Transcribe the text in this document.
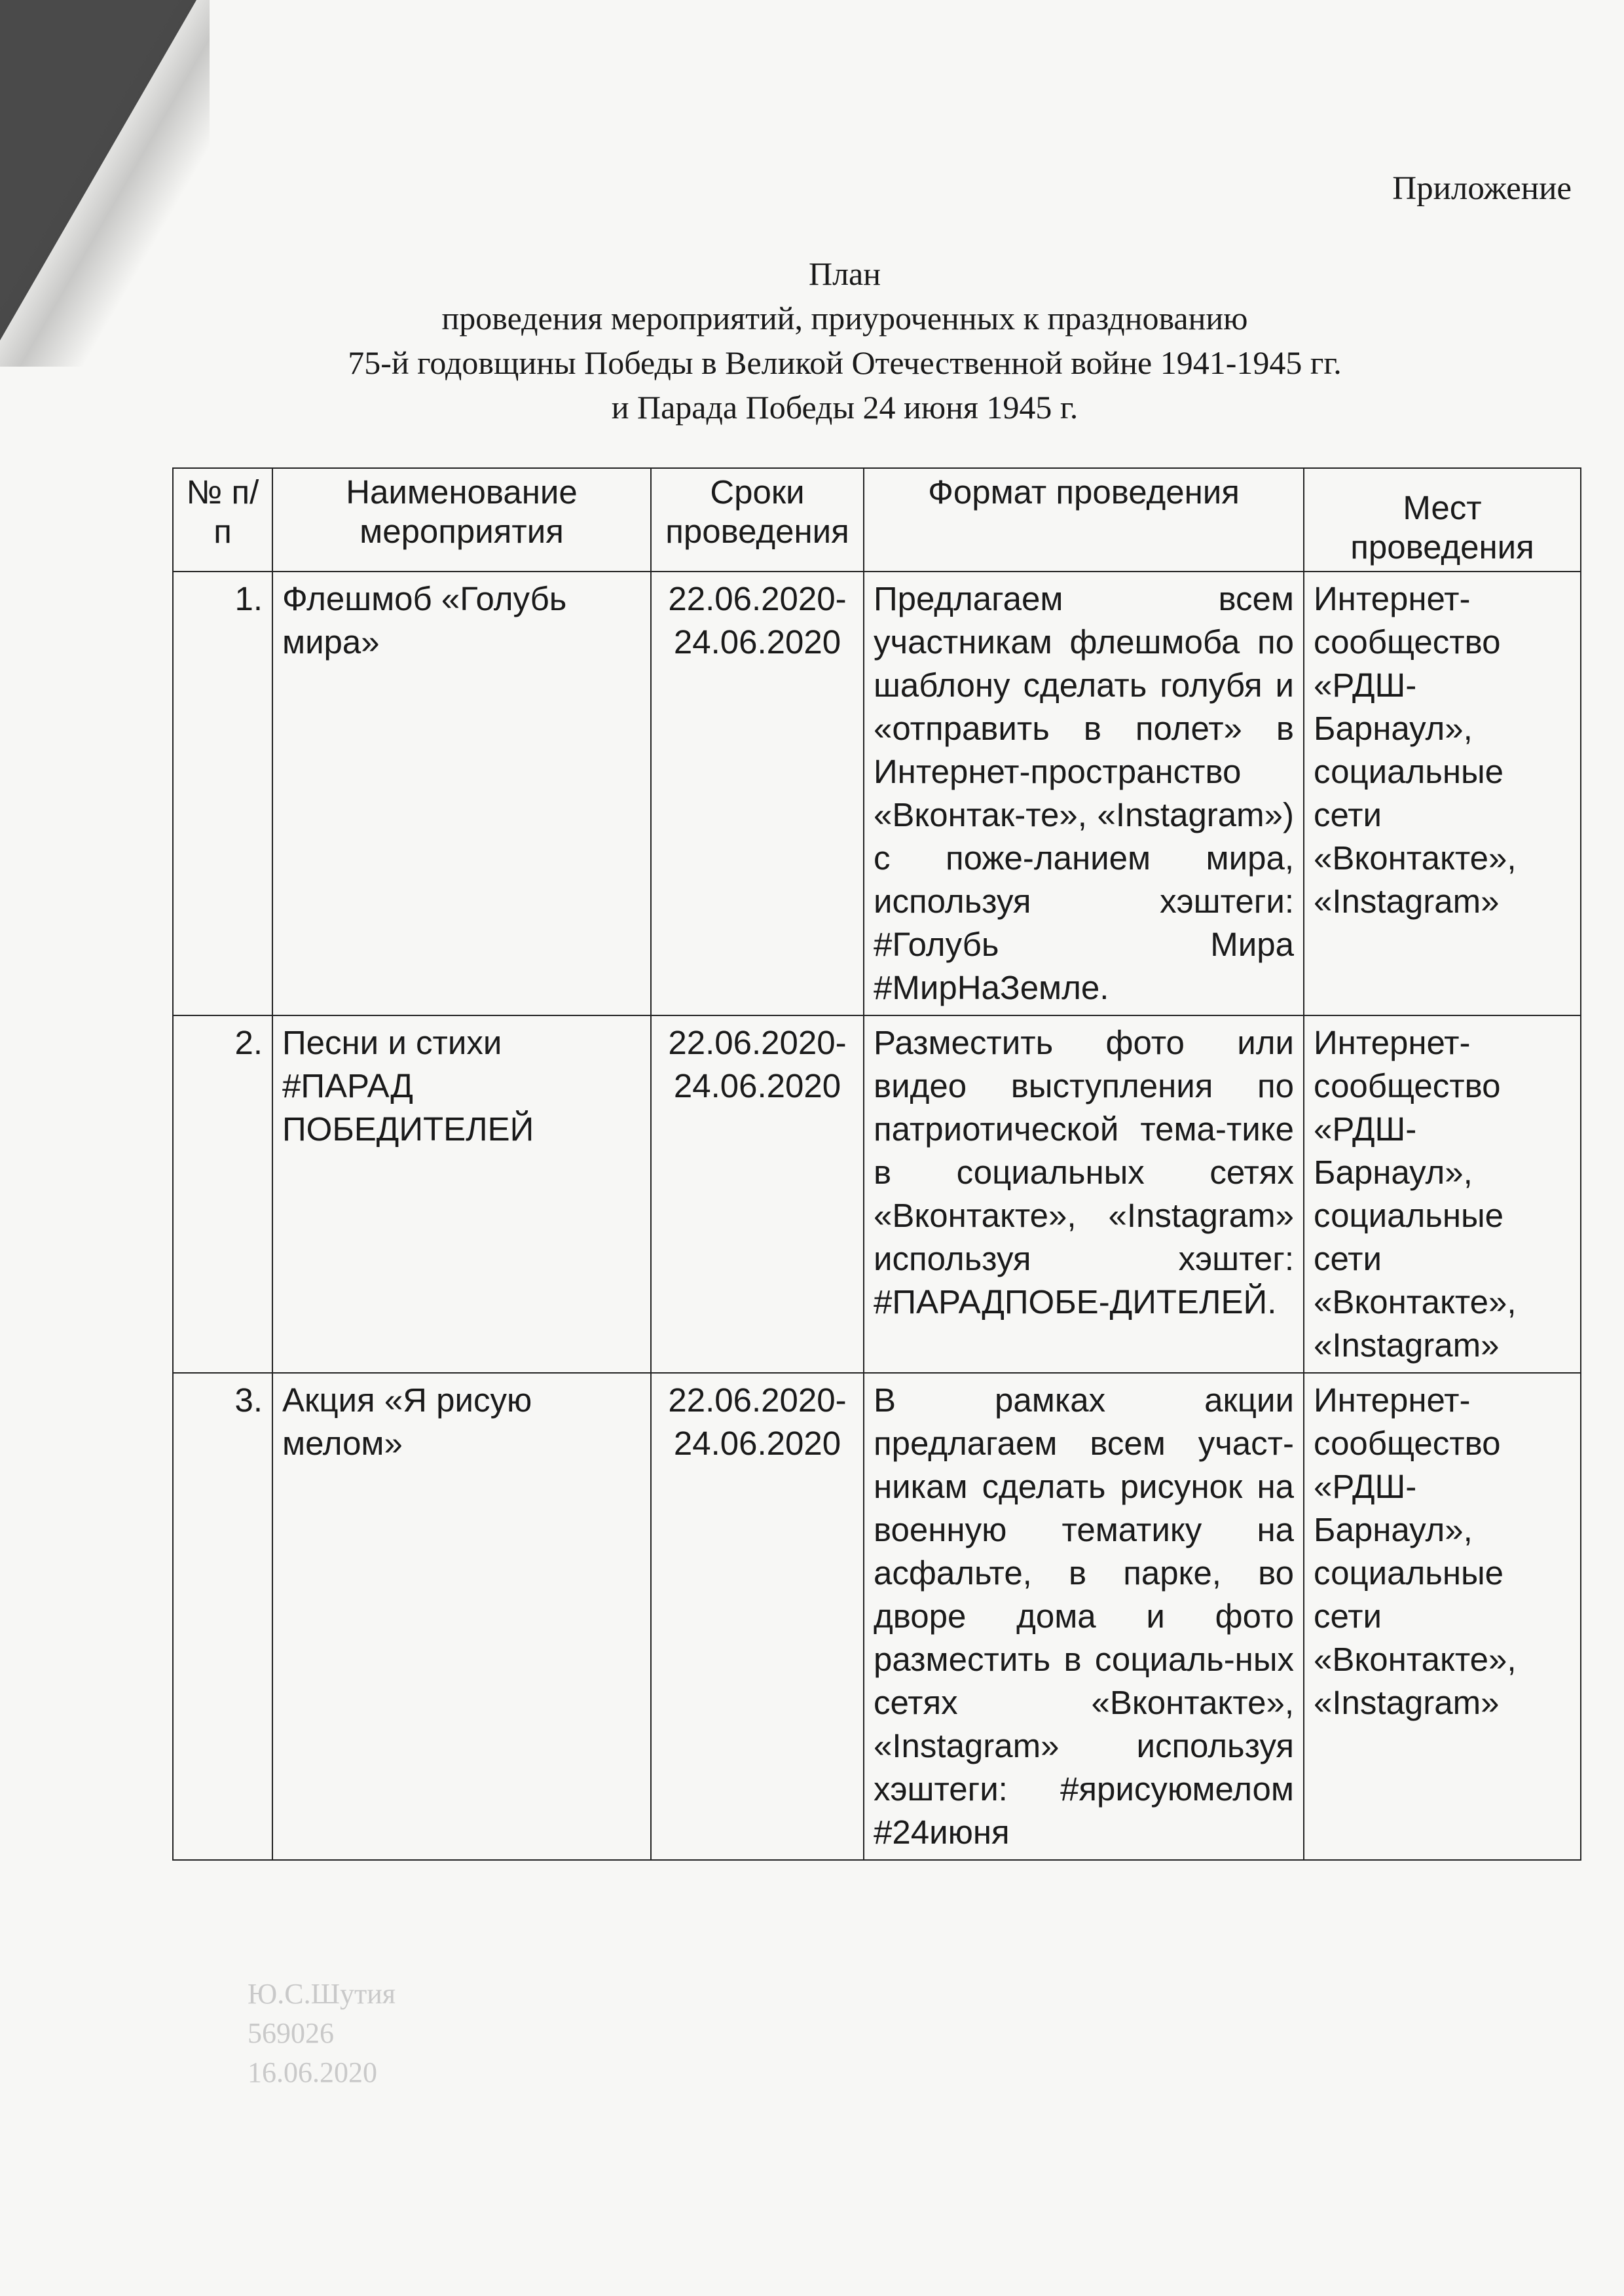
Приложение
План
проведения мероприятий, приуроченных к празднованию
75-й годовщины Победы в Великой Отечественной войне 1941-1945 гг.
и Парада Победы 24 июня 1945 г.
№ п/п	Наименование мероприятия	Сроки проведения	Формат проведения	Мест проведения
1.	Флешмоб «Голубь мира»	22.06.2020-24.06.2020	Предлагаем всем участникам флешмоба по шаблону сделать голубя и «отправить в полет» в Интернет-пространство «Вконтак-те», «Instagram») с поже-ланием мира, используя хэштеги: #Голубь Мира #МирНаЗемле.	Интернет-сообщество «РДШ-Барнаул», социальные сети «Вконтакте», «Instagram»
2.	Песни и стихи #ПАРАД ПОБЕДИТЕЛЕЙ	22.06.2020-24.06.2020	Разместить фото или видео выступления по патриотической тема-тике в социальных сетях «Вконтакте», «Instagram» используя хэштег: #ПАРАДПОБЕ-ДИТЕЛЕЙ.	Интернет-сообщество «РДШ-Барнаул», социальные сети «Вконтакте», «Instagram»
3.	Акция «Я рисую мелом»	22.06.2020-24.06.2020	В рамках акции предлагаем всем участ-никам сделать рисунок на военную тематику на асфальте, в парке, во дворе дома и фото разместить в социаль-ных сетях «Вконтакте», «Instagram» используя хэштеги: #ярисуюмелом #24июня	Интернет-сообщество «РДШ-Барнаул», социальные сети «Вконтакте», «Instagram»
Ю.С.Шутия
569026
16.06.2020
